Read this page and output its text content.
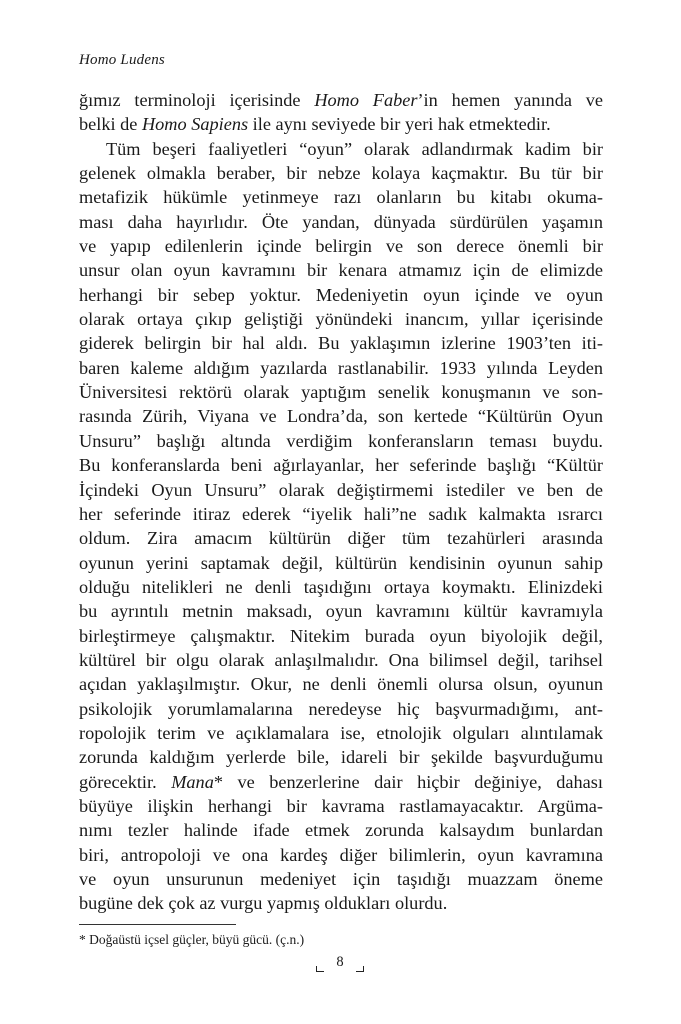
Homo Ludens
ğımız terminoloji içerisinde Homo Faber’in hemen yanında ve
belki de Homo Sapiens ile aynı seviyede bir yeri hak etmektedir.
Tüm beşeri faaliyetleri “oyun” olarak adlandırmak kadim bir
gelenek olmakla beraber, bir nebze kolaya kaçmaktır. Bu tür bir
metafizik hükümle yetinmeye razı olanların bu kitabı okuma-
ması daha hayırlıdır. Öte yandan, dünyada sürdürülen yaşamın
ve yapıp edilenlerin içinde belirgin ve son derece önemli bir
unsur olan oyun kavramını bir kenara atmamız için de elimizde
herhangi bir sebep yoktur. Medeniyetin oyun içinde ve oyun
olarak ortaya çıkıp geliştiği yönündeki inancım, yıllar içerisinde
giderek belirgin bir hal aldı. Bu yaklaşımın izlerine 1903’ten iti-
baren kaleme aldığım yazılarda rastlanabilir. 1933 yılında Leyden
Üniversitesi rektörü olarak yaptığım senelik konuşmanın ve son-
rasında Zürih, Viyana ve Londra’da, son kertede “Kültürün Oyun
Unsuru” başlığı altında verdiğim konferansların teması buydu.
Bu konferanslarda beni ağırlayanlar, her seferinde başlığı “Kültür
İçindeki Oyun Unsuru” olarak değiştirmemi istediler ve ben de
her seferinde itiraz ederek “iyelik hali”ne sadık kalmakta ısrarcı
oldum. Zira amacım kültürün diğer tüm tezahürleri arasında
oyunun yerini saptamak değil, kültürün kendisinin oyunun sahip
olduğu nitelikleri ne denli taşıdığını ortaya koymaktı. Elinizdeki
bu ayrıntılı metnin maksadı, oyun kavramını kültür kavramıyla
birleştirmeye çalışmaktır. Nitekim burada oyun biyolojik değil,
kültürel bir olgu olarak anlaşılmalıdır. Ona bilimsel değil, tarihsel
açıdan yaklaşılmıştır. Okur, ne denli önemli olursa olsun, oyunun
psikolojik yorumlamalarına neredeyse hiç başvurmadığımı, ant-
ropolojik terim ve açıklamalara ise, etnolojik olguları alıntılamak
zorunda kaldığım yerlerde bile, idareli bir şekilde başvurduğumu
görecektir. Mana* ve benzerlerine dair hiçbir değiniye, dahası
büyüye ilişkin herhangi bir kavrama rastlamayacaktır. Argüma-
nımı tezler halinde ifade etmek zorunda kalsaydım bunlardan
biri, antropoloji ve ona kardeş diğer bilimlerin, oyun kavramına
ve oyun unsurunun medeniyet için taşıdığı muazzam öneme
bugüne dek çok az vurgu yapmış oldukları olurdu.
* Doğaüstü içsel güçler, büyü gücü. (ç.n.)
8
